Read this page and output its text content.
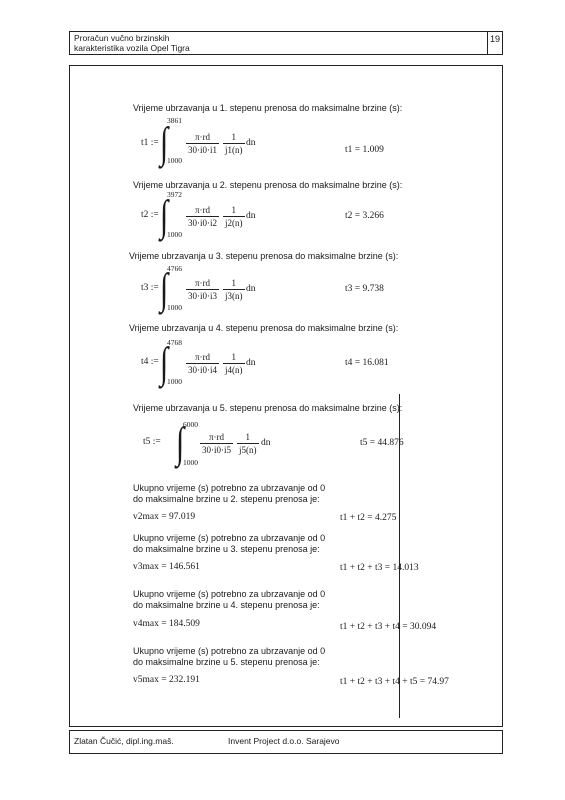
Proračun vučno brzinskih
karakteristika vozila Opel Tigra
19
Vrijeme ubrzavanja u 1. stepenu prenosa do maksimalne brzine (s):
t1 := ∫
3861
1000
π·rd
30·i0·i1
1
j1(n)
dn
t1 = 1.009
Vrijeme ubrzavanja u 2. stepenu prenosa do maksimalne brzine (s):
t2 := ∫
3972
1000
π·rd
30·i0·i2
1
j2(n)
dn	t2 = 3.266
Vrijeme ubrzavanja u 3. stepenu prenosa do maksimalne brzine (s):
t3 := ∫
4766
1000
π·rd
30·i0·i3
1
j3(n)
dn	t3 = 9.738
Vrijeme ubrzavanja u 4. stepenu prenosa do maksimalne brzine (s):
t4 := ∫
4768
1000
π·rd
30·i0·i4
1
j4(n)
dn	t4 = 16.081
Vrijeme ubrzavanja u 5. stepenu prenosa do maksimalne brzine (s):
t5 := ∫
6000
1000
π·rd
30·i0·i5
1
j5(n)
dn	t5 = 44.876
Ukupno vrijeme (s) potrebno za ubrzavanje od 0
do maksimalne brzine u 2. stepenu prenosa je:
v2max = 97.019	t1 + t2 = 4.275
Ukupno vrijeme (s) potrebno za ubrzavanje od 0
do maksimalne brzine u 3. stepenu prenosa je:
v3max = 146.561	t1 + t2 + t3 = 14.013
Ukupno vrijeme (s) potrebno za ubrzavanje od 0
do maksimalne brzine u 4. stepenu prenosa je:
v4max = 184.509	t1 + t2 + t3 + t4 = 30.094
Ukupno vrijeme (s) potrebno za ubrzavanje od 0
do maksimalne brzine u 5. stepenu prenosa je:
v5max = 232.191	t1 + t2 + t3 + t4 + t5 = 74.97
Zlatan Čučić, dipl.ing.maš.	Invent Project d.o.o. Sarajevo
